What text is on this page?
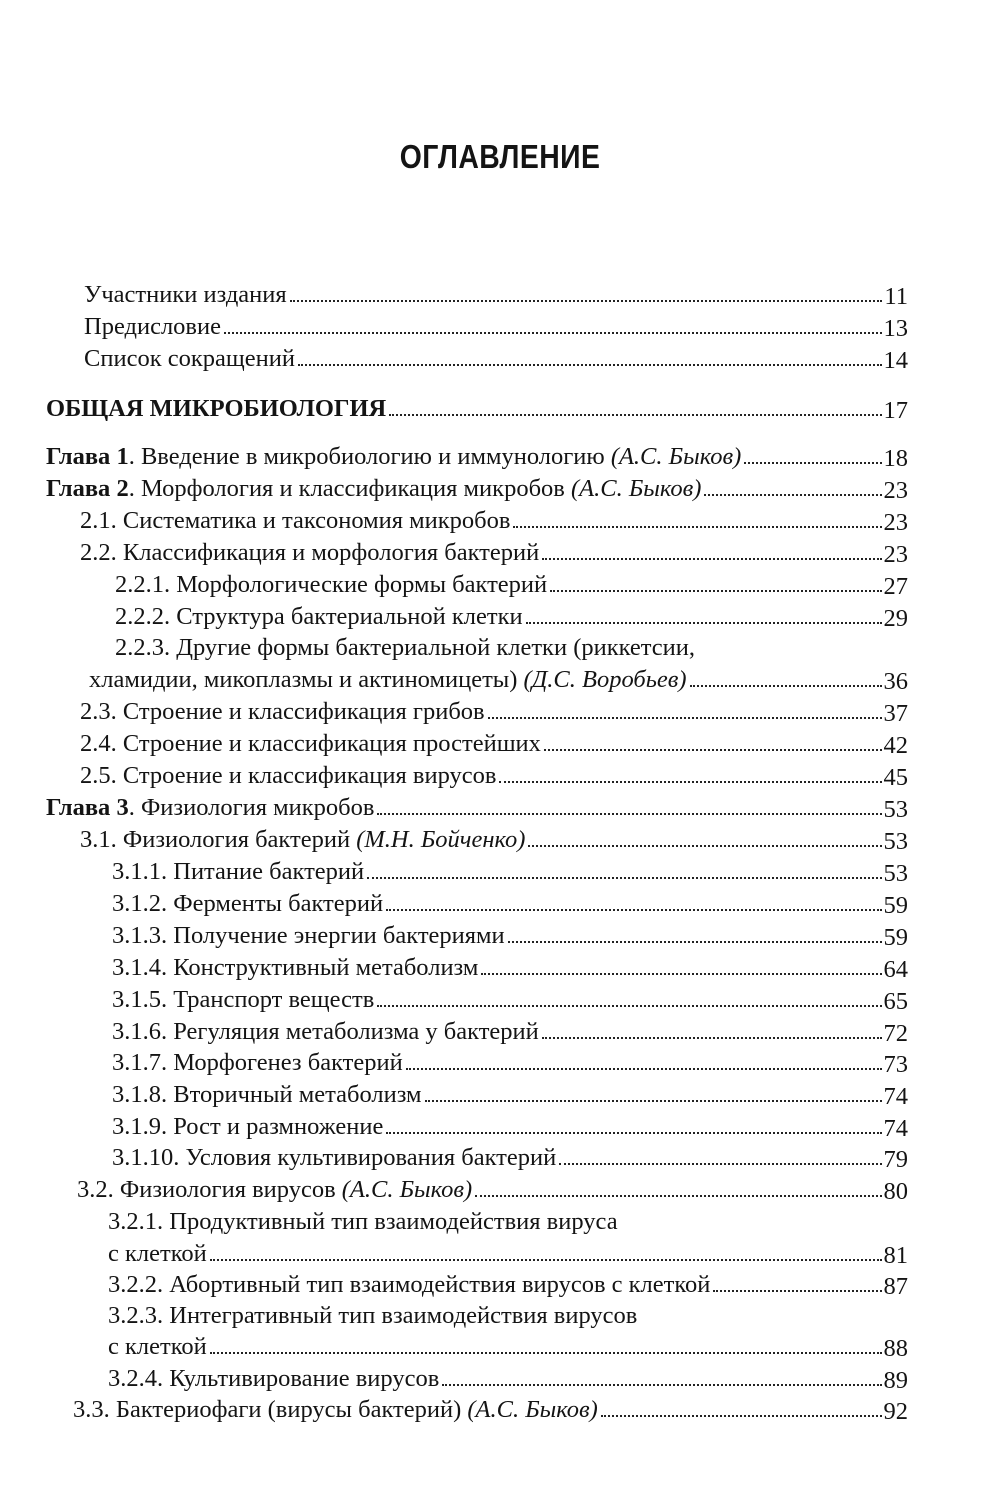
ОГЛАВЛЕНИЕ
Участники издания	11
Предисловие	13
Список сокращений	14
ОБЩАЯ МИКРОБИОЛОГИЯ	17
Глава 1. Введение в микробиологию и иммунологию (А.С. Быков)	18
Глава 2. Морфология и классификация микробов (А.С. Быков)	23
2.1. Систематика и таксономия микробов	23
2.2. Классификация и морфология бактерий	23
2.2.1. Морфологические формы бактерий	27
2.2.2. Структура бактериальной клетки	29
2.2.3. Другие формы бактериальной клетки (риккетсии,
хламидии, микоплазмы и актиномицеты) (Д.С. Воробьев)	36
2.3. Строение и классификация грибов	37
2.4. Строение и классификация простейших	42
2.5. Строение и классификация вирусов	45
Глава 3. Физиология микробов	53
3.1. Физиология бактерий (М.Н. Бойченко)	53
3.1.1. Питание бактерий	53
3.1.2. Ферменты бактерий	59
3.1.3. Получение энергии бактериями	59
3.1.4. Конструктивный метаболизм	64
3.1.5. Транспорт веществ	65
3.1.6. Регуляция метаболизма у бактерий	72
3.1.7. Морфогенез бактерий	73
3.1.8. Вторичный метаболизм	74
3.1.9. Рост и размножение	74
3.1.10. Условия культивирования бактерий	79
3.2. Физиология вирусов (А.С. Быков)	80
3.2.1. Продуктивный тип взаимодействия вируса
с клеткой	81
3.2.2. Абортивный тип взаимодействия вирусов с клеткой	87
3.2.3. Интегративный тип взаимодействия вирусов
с клеткой	88
3.2.4. Культивирование вирусов	89
3.3. Бактериофаги (вирусы бактерий) (А.С. Быков)	92
